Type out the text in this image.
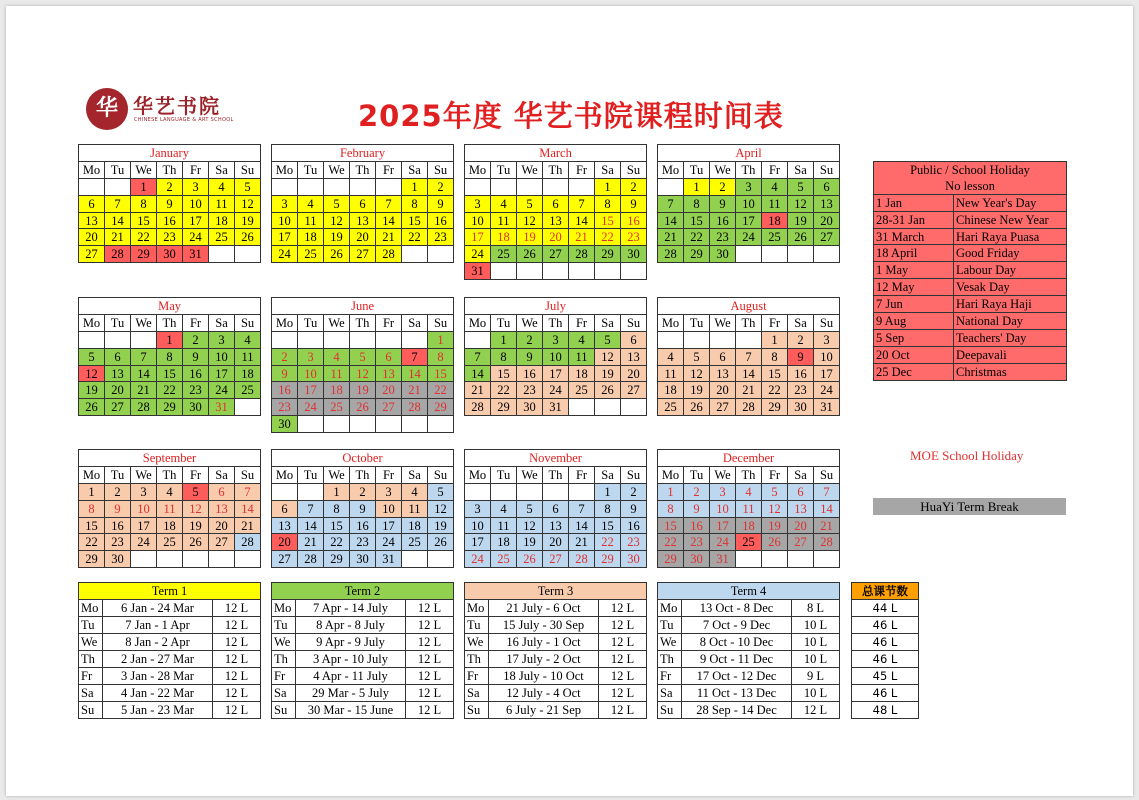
华 华艺书院
CHINESE LANGUAGE & ART SCHOOL	2025年度 华艺书院课程时间表
January						
Mo	Tu	We	Th	Fr	Sa	Su
		1	2	3	4	5
6	7	8	9	10	11	12
13	14	15	16	17	18	19
20	21	22	23	24	25	26
27	28	29	30	31		
February						
Mo	Tu	We	Th	Fr	Sa	Su
					1	2
3	4	5	6	7	8	9
10	11	12	13	14	15	16
17	18	19	20	21	22	23
24	25	26	27	28		
March						
Mo	Tu	We	Th	Fr	Sa	Su
					1	2
3	4	5	6	7	8	9
10	11	12	13	14	15	16
17	18	19	20	21	22	23
24	25	26	27	28	29	30
31						
April						
Mo	Tu	We	Th	Fr	Sa	Su
	1	2	3	4	5	6
7	8	9	10	11	12	13
14	15	16	17	18	19	20
21	22	23	24	25	26	27
28	29	30				
May						
Mo	Tu	We	Th	Fr	Sa	Su
			1	2	3	4
5	6	7	8	9	10	11
12	13	14	15	16	17	18
19	20	21	22	23	24	25
26	27	28	29	30	31	
June						
Mo	Tu	We	Th	Fr	Sa	Su
						1
2	3	4	5	6	7	8
9	10	11	12	13	14	15
16	17	18	19	20	21	22
23	24	25	26	27	28	29
30						
July						
Mo	Tu	We	Th	Fr	Sa	Su
	1	2	3	4	5	6
7	8	9	10	11	12	13
14	15	16	17	18	19	20
21	22	23	24	25	26	27
28	29	30	31			
August						
Mo	Tu	We	Th	Fr	Sa	Su
				1	2	3
4	5	6	7	8	9	10
11	12	13	14	15	16	17
18	19	20	21	22	23	24
25	26	27	28	29	30	31
September						
Mo	Tu	We	Th	Fr	Sa	Su
1	2	3	4	5	6	7
8	9	10	11	12	13	14
15	16	17	18	19	20	21
22	23	24	25	26	27	28
29	30					
October						
Mo	Tu	We	Th	Fr	Sa	Su
		1	2	3	4	5
6	7	8	9	10	11	12
13	14	15	16	17	18	19
20	21	22	23	24	25	26
27	28	29	30	31		
November						
Mo	Tu	We	Th	Fr	Sa	Su
					1	2
3	4	5	6	7	8	9
10	11	12	13	14	15	16
17	18	19	20	21	22	23
24	25	26	27	28	29	30
December						
Mo	Tu	We	Th	Fr	Sa	Su
1	2	3	4	5	6	7
8	9	10	11	12	13	14
15	16	17	18	19	20	21
22	23	24	25	26	27	28
29	30	31				
Public / School Holiday	
No lesson	
1 Jan	New Year's Day
28-31 Jan	Chinese New Year
31 March	Hari Raya Puasa
18 April	Good Friday
1 May	Labour Day
12 May	Vesak Day
7 Jun	Hari Raya Haji
9 Aug	National Day
5 Sep	Teachers' Day
20 Oct	Deepavali
25 Dec	Christmas
MOE School Holiday
HuaYi Term Break
Term 1		
Mo	6 Jan - 24 Mar	12 L
Tu	7 Jan - 1 Apr	12 L
We	8 Jan - 2 Apr	12 L
Th	2 Jan - 27 Mar	12 L
Fr	3 Jan - 28 Mar	12 L
Sa	4 Jan - 22 Mar	12 L
Su	5 Jan - 23 Mar	12 L
Term 2		
Mo	7 Apr - 14 July	12 L
Tu	8 Apr - 8 July	12 L
We	9 Apr - 9 July	12 L
Th	3 Apr - 10 July	12 L
Fr	4 Apr - 11 July	12 L
Sa	29 Mar - 5 July	12 L
Su	30 Mar - 15 June	12 L
Term 3		
Mo	21 July - 6 Oct	12 L
Tu	15 July - 30 Sep	12 L
We	16 July - 1 Oct	12 L
Th	17 July - 2 Oct	12 L
Fr	18 July - 10 Oct	12 L
Sa	12 July - 4 Oct	12 L
Su	6 July - 21 Sep	12 L
Term 4		
Mo	13 Oct - 8 Dec	8 L
Tu	7 Oct - 9 Dec	10 L
We	8 Oct - 10 Dec	10 L
Th	9 Oct - 11 Dec	10 L
Fr	17 Oct - 12 Dec	9 L
Sa	11 Oct - 13 Dec	10 L
Su	28 Sep - 14 Dec	12 L
总课节数
44 L
46 L
46 L
46 L
45 L
46 L
48 L
